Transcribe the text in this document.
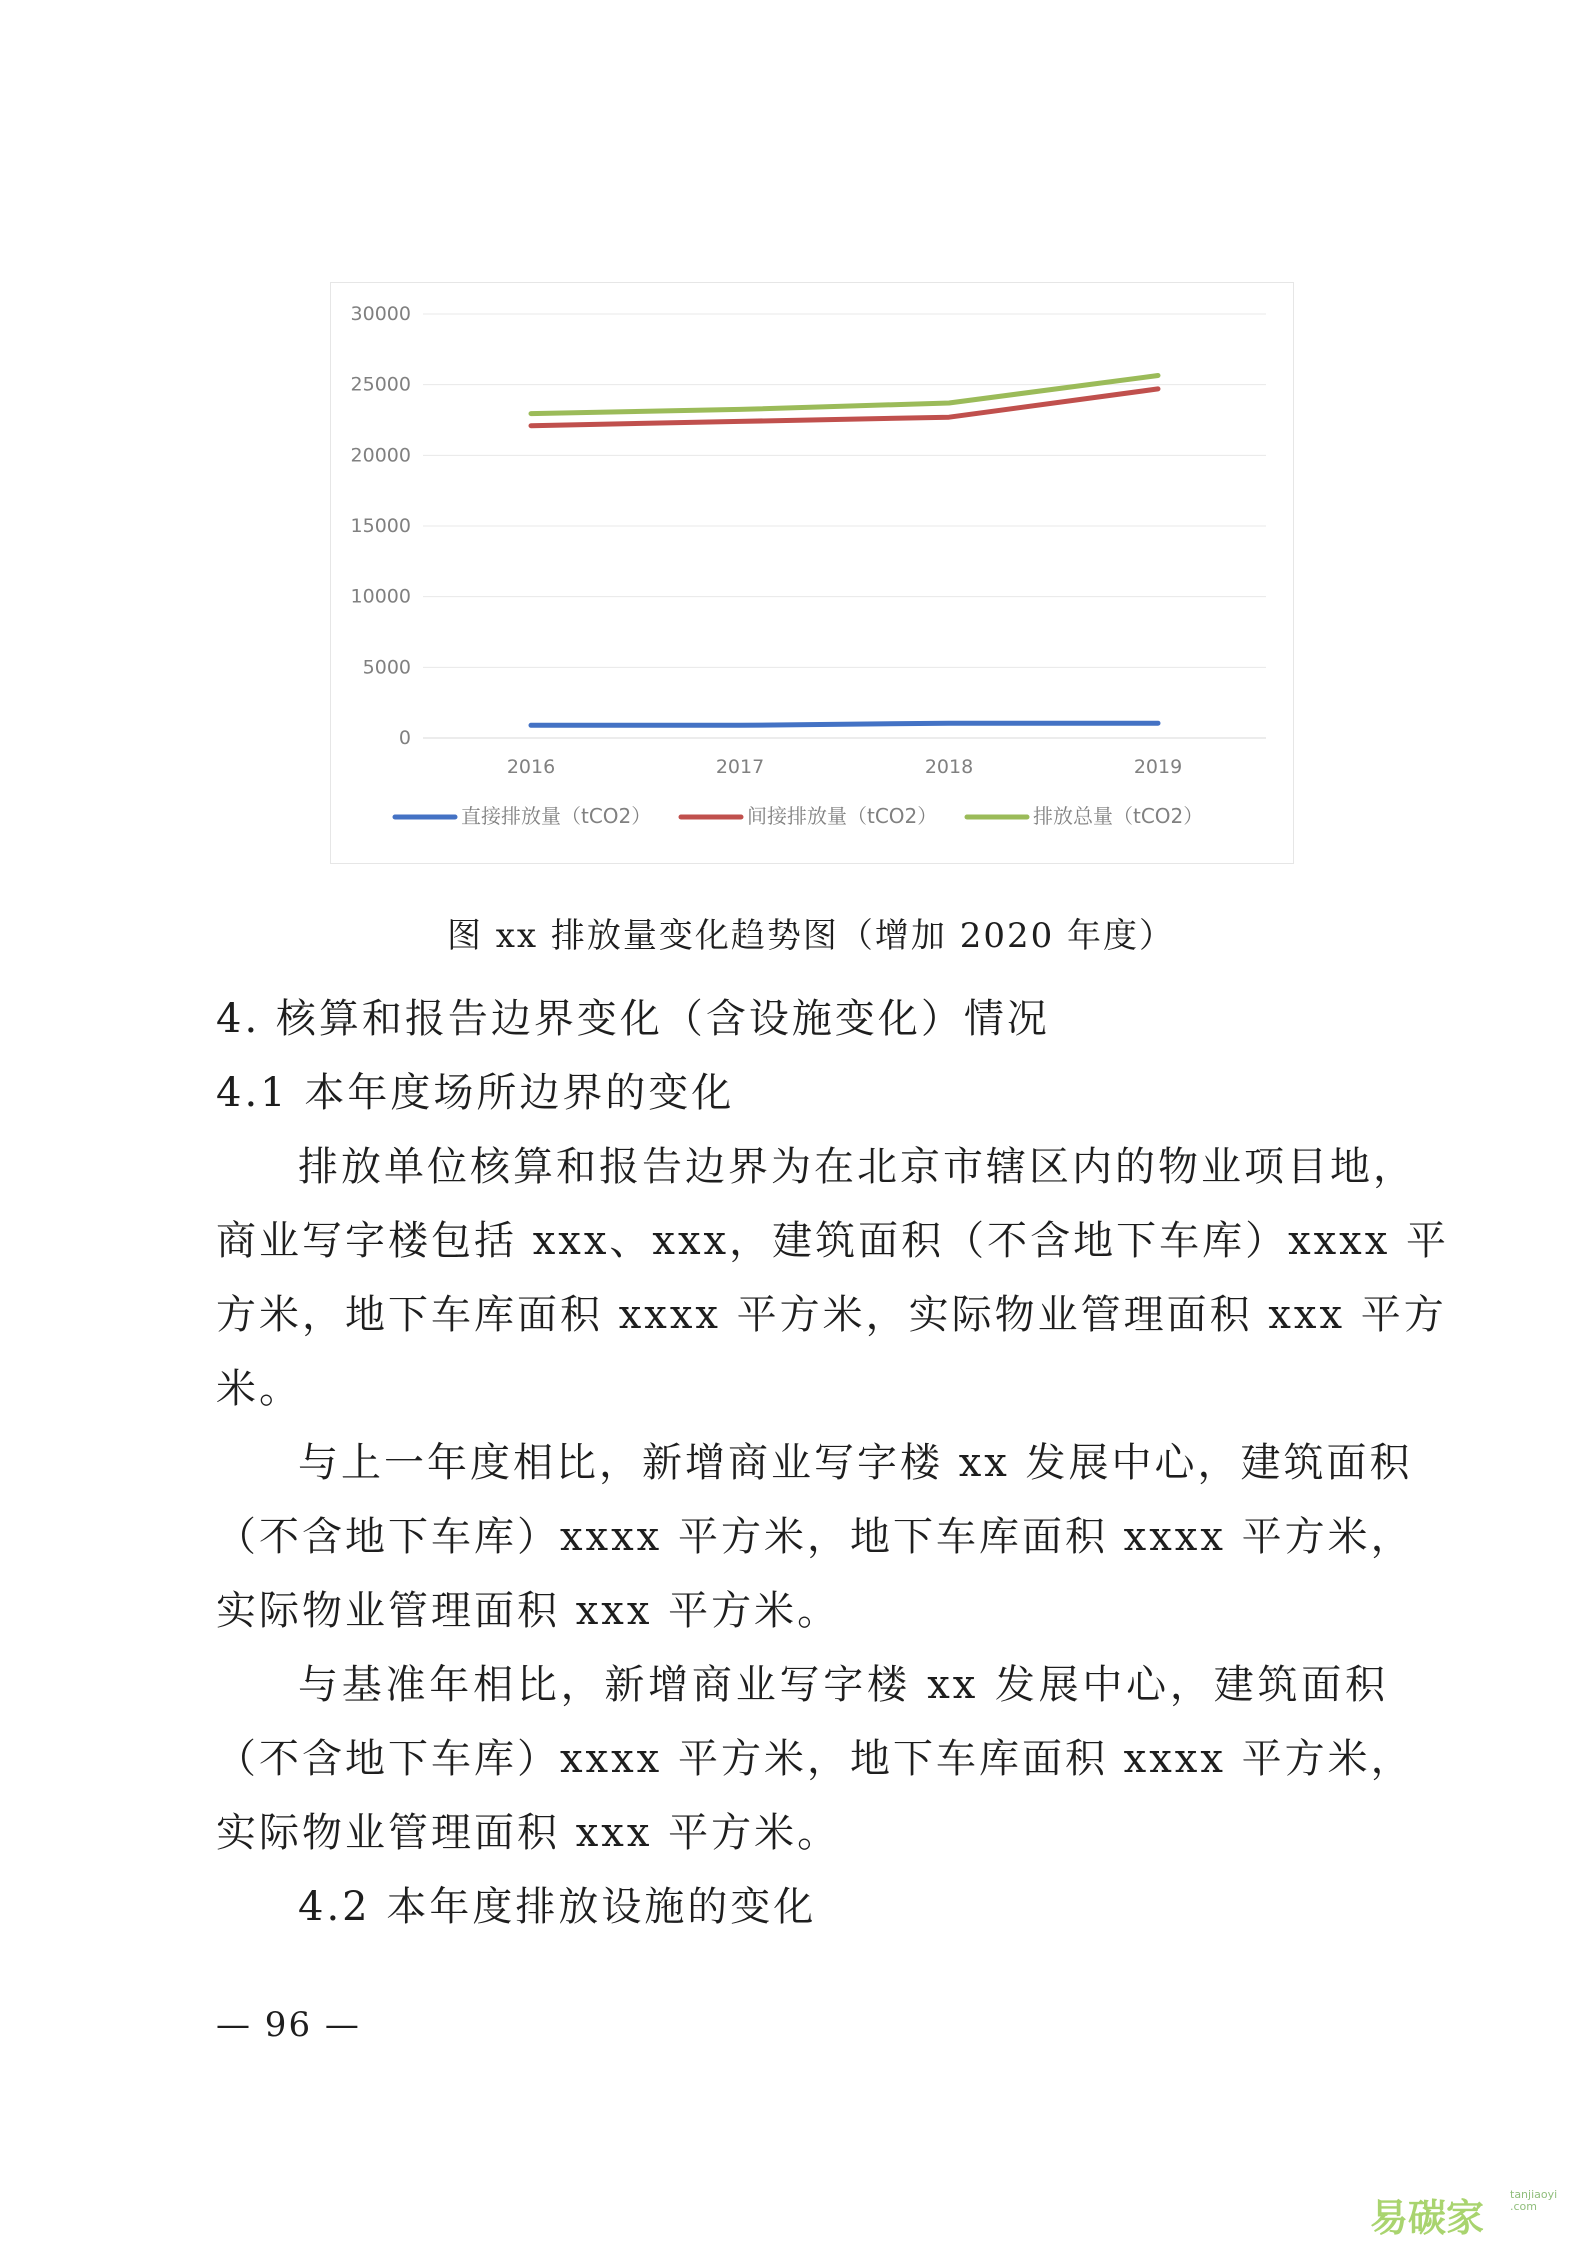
30000
25000
20000
15000
10000
5000
0
2016	2017	2018	2019
直接排放量（tCO2）	间接排放量（tCO2）	排放总量（tCO2）
图 xx 排放量变化趋势图（增加 2020 年度）
4. 核算和报告边界变化（含设施变化）情况
4.1 本年度场所边界的变化
排放单位核算和报告边界为在北京市辖区内的物业项目地，
商业写字楼包括 xxx、xxx，建筑面积（不含地下车库）xxxx 平
方米，地下车库面积 xxxx 平方米，实际物业管理面积 xxx 平方
米。
与上一年度相比，新增商业写字楼 xx 发展中心，建筑面积
（不含地下车库）xxxx 平方米，地下车库面积 xxxx 平方米，
实际物业管理面积 xxx 平方米。
与基准年相比，新增商业写字楼 xx 发展中心，建筑面积
（不含地下车库）xxxx 平方米，地下车库面积 xxxx 平方米，
实际物业管理面积 xxx 平方米。
4.2 本年度排放设施的变化
— 96 —
易碳家
tanjiaoyi
.com
